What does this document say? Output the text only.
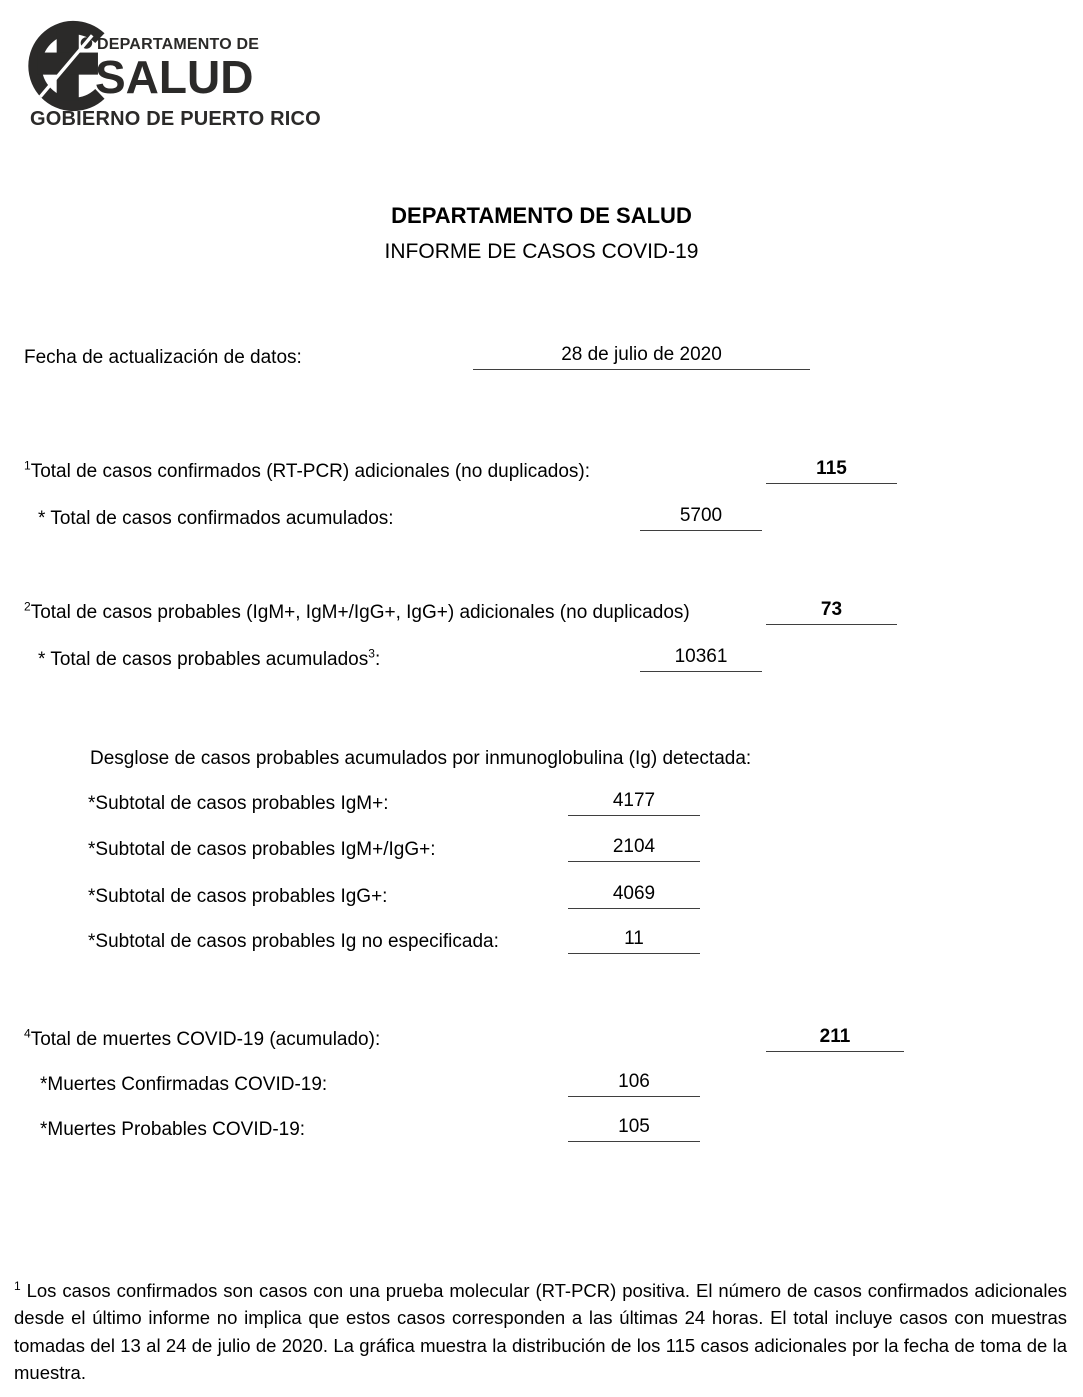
DEPARTAMENTO DE
SALUD
GOBIERNO DE PUERTO RICO
DEPARTAMENTO DE SALUD
INFORME DE CASOS COVID-19
Fecha de actualización de datos:	28 de julio de 2020
$^1$Total de casos confirmados (RT-PCR) adicionales (no duplicados):	115
* Total de casos confirmados acumulados:	5700
$^2$Total de casos probables (IgM+, IgM+/IgG+, IgG+) adicionales (no duplicados)	73
* Total de casos probables acumulados$^3$:	10361
Desglose de casos probables acumulados por inmunoglobulina (Ig) detectada:
*Subtotal de casos probables IgM+:	4177
*Subtotal de casos probables IgM+/IgG+:	2104
*Subtotal de casos probables IgG+:	4069
*Subtotal de casos probables Ig no especificada:	11
$^4$Total de muertes COVID-19 (acumulado):	211
*Muertes Confirmadas COVID-19:	106
*Muertes Probables COVID-19:	105
$^1$ Los casos confirmados son casos con una prueba molecular (RT-PCR) positiva. El número de casos confirmados adicionales desde el último informe no implica que estos casos corresponden a las últimas 24 horas. El total incluye casos con muestras tomadas del 13 al 24 de julio de 2020. La gráfica muestra la distribución de los 115 casos adicionales por la fecha de toma de la muestra.
